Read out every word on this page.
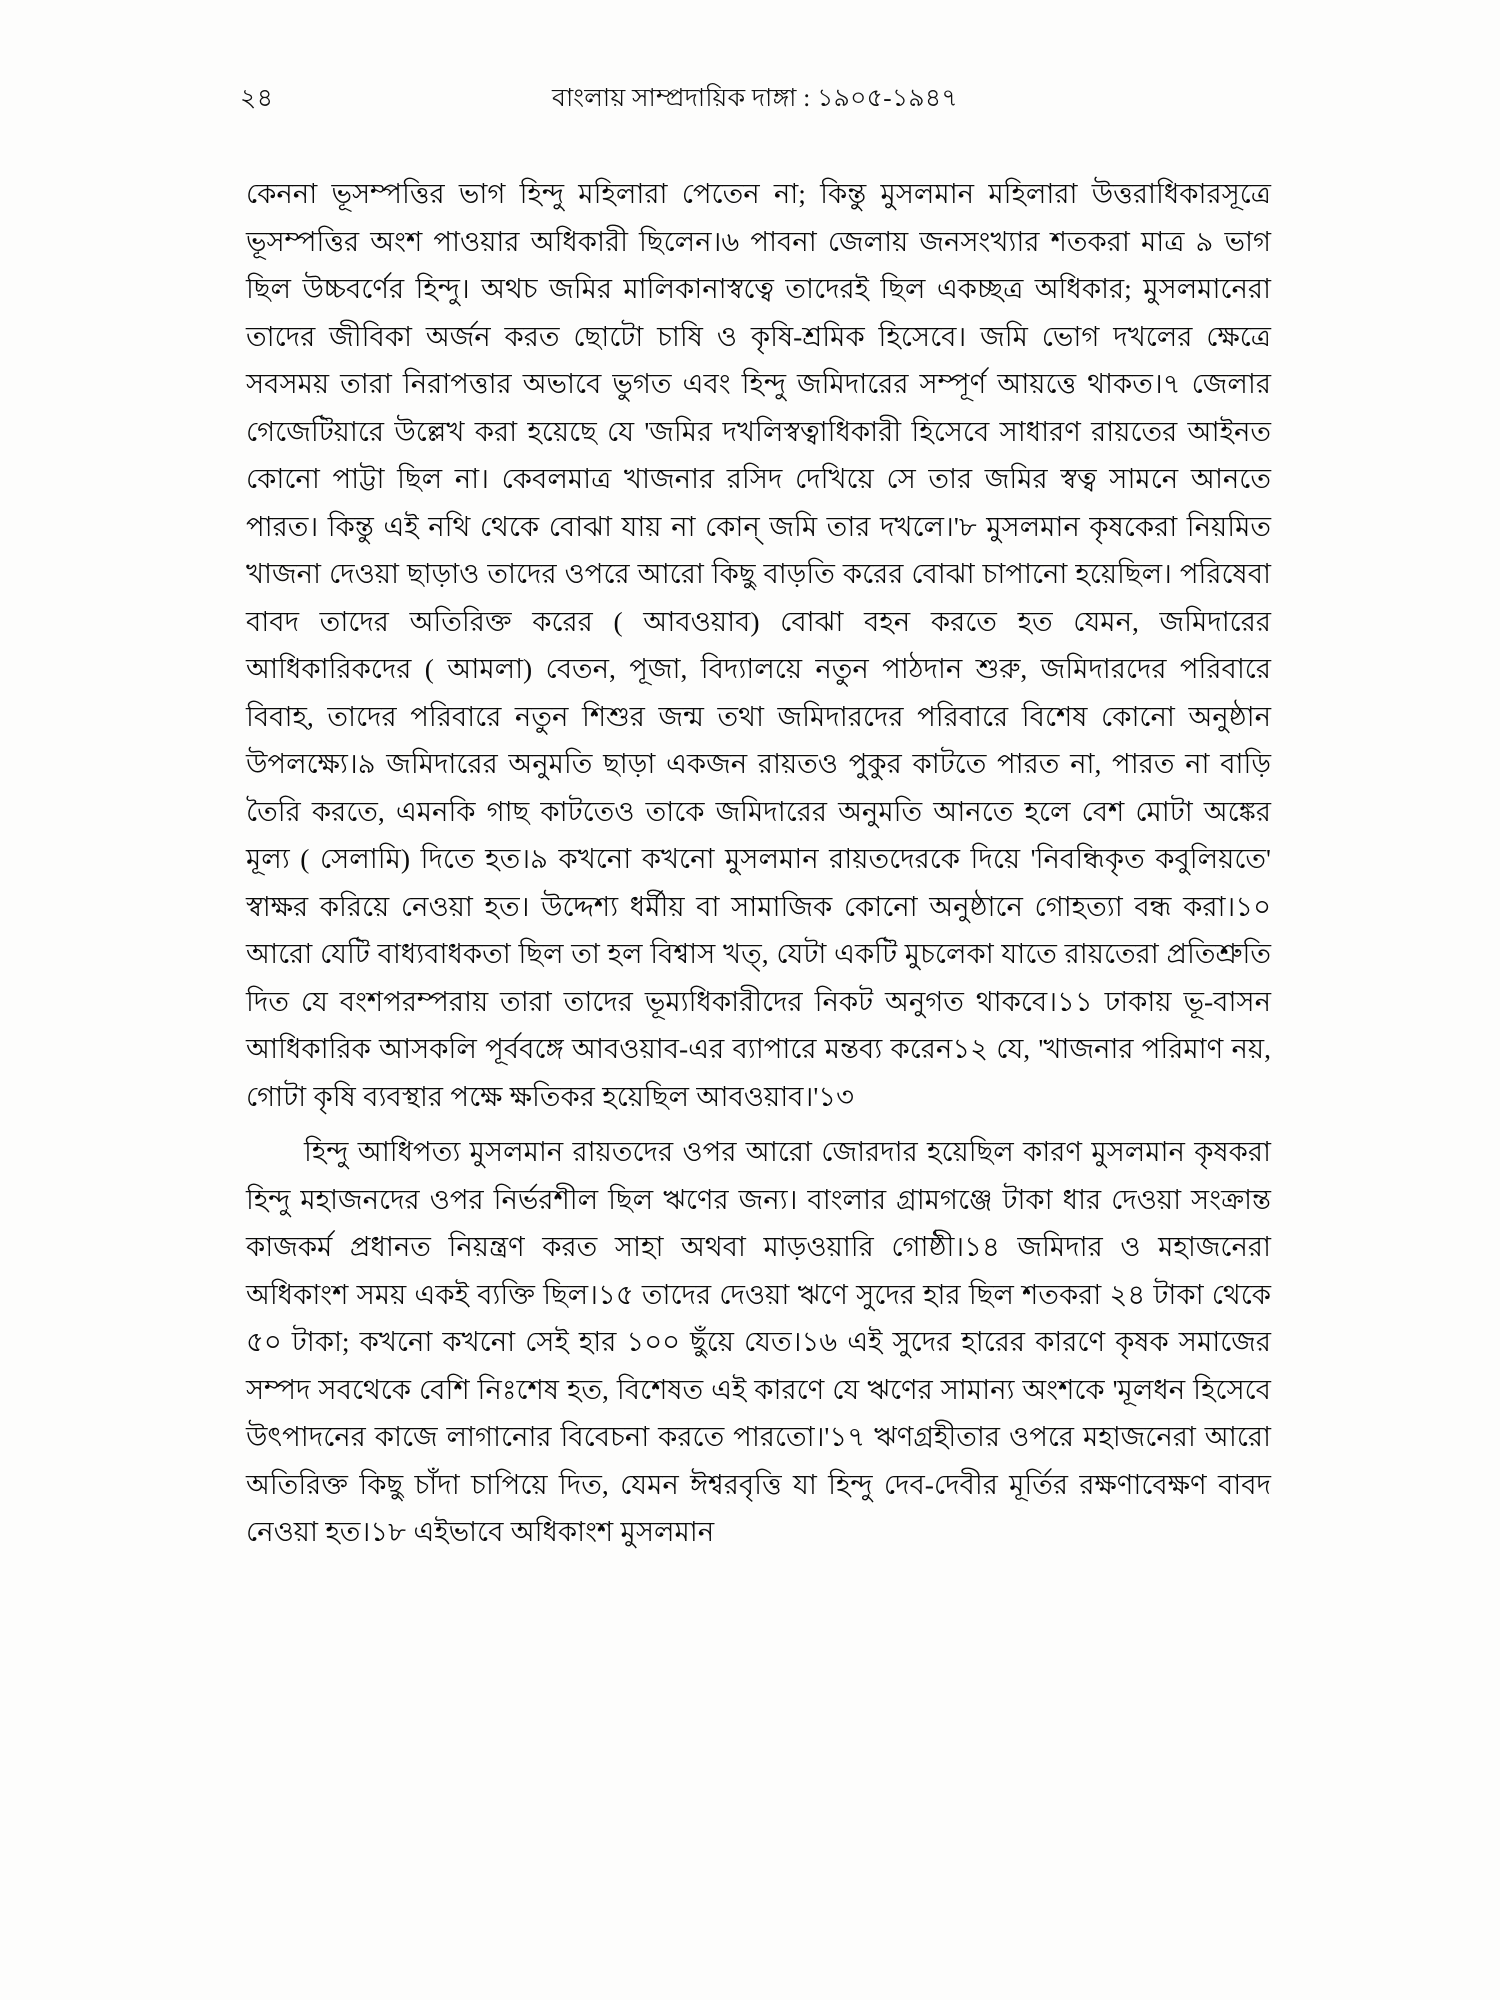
২৪	বাংলায় সাম্প্রদায়িক দাঙ্গা : ১৯০৫-১৯৪৭

কেননা ভূসম্পত্তির ভাগ হিন্দু মহিলারা পেতেন না; কিন্তু মুসলমান মহিলারা উত্তরাধিকারসূত্রে ভূসম্পত্তির অংশ পাওয়ার অধিকারী ছিলেন।৬ পাবনা জেলায় জনসংখ্যার শতকরা মাত্র ৯ ভাগ ছিল উচ্চবর্ণের হিন্দু। অথচ জমির মালিকানাস্বত্বে তাদেরই ছিল একচ্ছত্র অধিকার; মুসলমানেরা তাদের জীবিকা অর্জন করত ছোটো চাষি ও কৃষি-শ্রমিক হিসেবে। জমি ভোগ দখলের ক্ষেত্রে সবসময় তারা নিরাপত্তার অভাবে ভুগত এবং হিন্দু জমিদারের সম্পূর্ণ আয়ত্তে থাকত।৭ জেলার গেজেটিয়ারে উল্লেখ করা হয়েছে যে 'জমির দখলিস্বত্বাধিকারী হিসেবে সাধারণ রায়তের আইনত কোনো পাট্টা ছিল না। কেবলমাত্র খাজনার রসিদ দেখিয়ে সে তার জমির স্বত্ব সামনে আনতে পারত। কিন্তু এই নথি থেকে বোঝা যায় না কোন্ জমি তার দখলে।'৮ মুসলমান কৃষকেরা নিয়মিত খাজনা দেওয়া ছাড়াও তাদের ওপরে আরো কিছু বাড়তি করের বোঝা চাপানো হয়েছিল। পরিষেবা বাবদ তাদের অতিরিক্ত করের ( আবওয়াব) বোঝা বহন করতে হত যেমন, জমিদারের আধিকারিকদের ( আমলা) বেতন, পূজা, বিদ্যালয়ে নতুন পাঠদান শুরু, জমিদারদের পরিবারে বিবাহ, তাদের পরিবারে নতুন শিশুর জন্ম তথা জমিদারদের পরিবারে বিশেষ কোনো অনুষ্ঠান উপলক্ষ্যে।৯ জমিদারের অনুমতি ছাড়া একজন রায়তও পুকুর কাটতে পারত না, পারত না বাড়ি তৈরি করতে, এমনকি গাছ কাটতেও তাকে জমিদারের অনুমতি আনতে হলে বেশ মোটা অঙ্কের মূল্য ( সেলামি) দিতে হত।৯ কখনো কখনো মুসলমান রায়তদেরকে দিয়ে 'নিবন্ধিকৃত কবুলিয়তে' স্বাক্ষর করিয়ে নেওয়া হত। উদ্দেশ্য ধর্মীয় বা সামাজিক কোনো অনুষ্ঠানে গোহত্যা বন্ধ করা।১০ আরো যেটি বাধ্যবাধকতা ছিল তা হল বিশ্বাস খত্, যেটা একটি মুচলেকা যাতে রায়তেরা প্রতিশ্রুতি দিত যে বংশপরম্পরায় তারা তাদের ভূম্যধিকারীদের নিকট অনুগত থাকবে।১১ ঢাকায় ভূ-বাসন আধিকারিক আসকলি পূর্ববঙ্গে আবওয়াব-এর ব্যাপারে মন্তব্য করেন১২ যে, 'খাজনার পরিমাণ নয়, গোটা কৃষি ব্যবস্থার পক্ষে ক্ষতিকর হয়েছিল আবওয়াব।'১৩

হিন্দু আধিপত্য মুসলমান রায়তদের ওপর আরো জোরদার হয়েছিল কারণ মুসলমান কৃষকরা হিন্দু মহাজনদের ওপর নির্ভরশীল ছিল ঋণের জন্য। বাংলার গ্রামগঞ্জে টাকা ধার দেওয়া সংক্রান্ত কাজকর্ম প্রধানত নিয়ন্ত্রণ করত সাহা অথবা মাড়ওয়ারি গোষ্ঠী।১৪ জমিদার ও মহাজনেরা অধিকাংশ সময় একই ব্যক্তি ছিল।১৫ তাদের দেওয়া ঋণে সুদের হার ছিল শতকরা ২৪ টাকা থেকে ৫০ টাকা; কখনো কখনো সেই হার ১০০ ছুঁয়ে যেত।১৬ এই সুদের হারের কারণে কৃষক সমাজের সম্পদ সবথেকে বেশি নিঃশেষ হত, বিশেষত এই কারণে যে ঋণের সামান্য অংশকে 'মূলধন হিসেবে উৎপাদনের কাজে লাগানোর বিবেচনা করতে পারতো।'১৭ ঋণগ্রহীতার ওপরে মহাজনেরা আরো অতিরিক্ত কিছু চাঁদা চাপিয়ে দিত, যেমন ঈশ্বরবৃত্তি যা হিন্দু দেব-দেবীর মূর্তির রক্ষণাবেক্ষণ বাবদ নেওয়া হত।১৮ এইভাবে অধিকাংশ মুসলমান
